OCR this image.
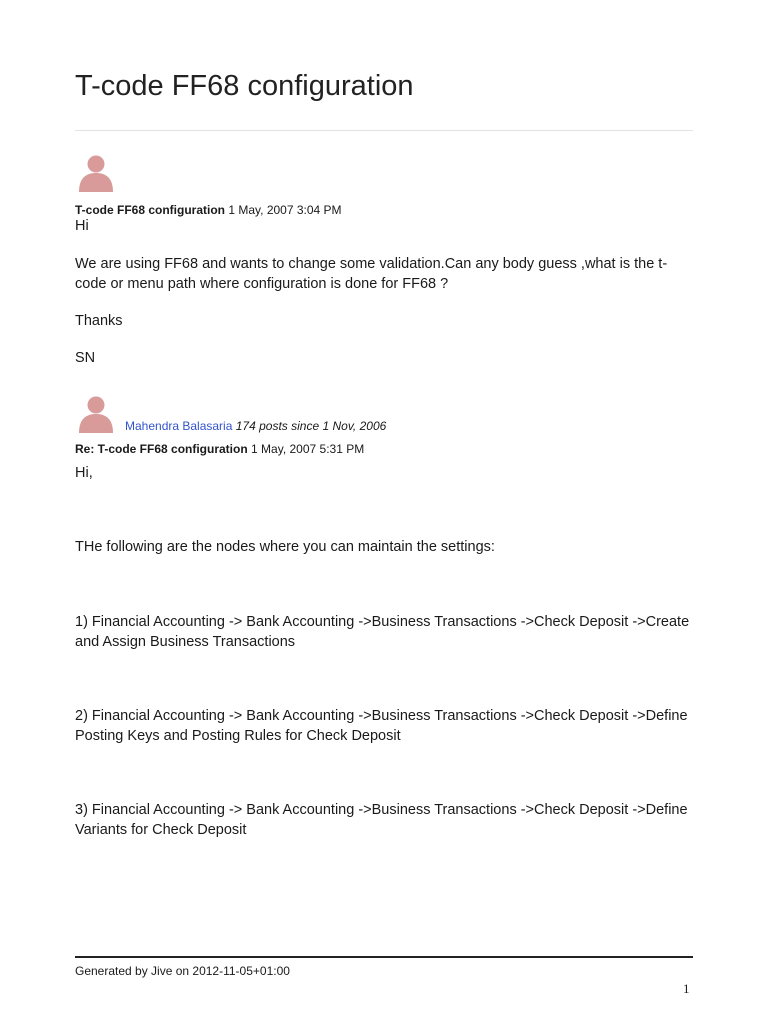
T-code FF68 configuration
T-code FF68 configuration 1 May, 2007 3:04 PM

Hi

We are using FF68 and wants to change some validation.Can any body guess ,what is the t-code or menu path where configuration is done for FF68 ?

Thanks

SN

Mahendra Balasaria 174 posts since 1 Nov, 2006
Re: T-code FF68 configuration 1 May, 2007 5:31 PM

Hi,

THe following are the nodes where you can maintain the settings:

1) Financial Accounting -> Bank Accounting ->Business Transactions ->Check Deposit ->Create and Assign Business Transactions

2) Financial Accounting -> Bank Accounting ->Business Transactions ->Check Deposit ->Define Posting Keys and Posting Rules for Check Deposit

3) Financial Accounting -> Bank Accounting ->Business Transactions ->Check Deposit ->Define Variants for Check Deposit

Generated by Jive on 2012-11-05+01:00
1
